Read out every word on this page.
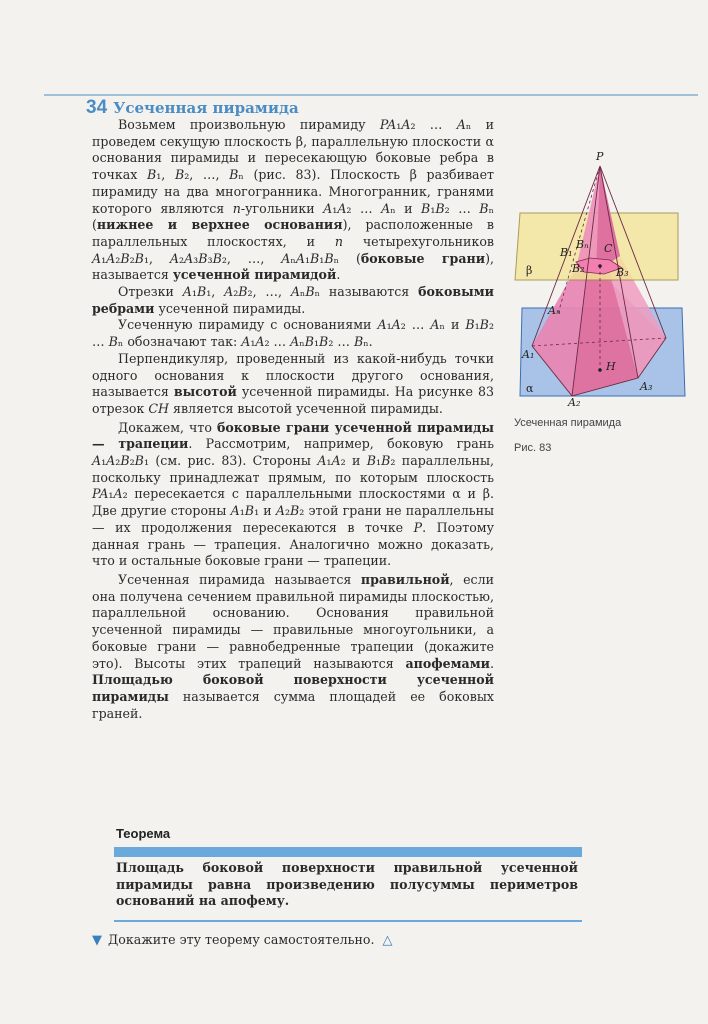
34 Усеченная пирамида

Возьмем произвольную пирамиду PA₁A₂ … Aₙ и проведем секущую плоскость β, параллельную плоскости α основания пирамиды и пересекающую боковые ребра в точках B₁, B₂, …, Bₙ (рис. 83). Плоскость β разбивает пирамиду на два многогранника. Многогранник, гранями которого являются n-угольники A₁A₂ … Aₙ и B₁B₂ … Bₙ (нижнее и верхнее основания), расположенные в параллельных плоскостях, и n четырехугольников A₁A₂B₂B₁, A₂A₃B₃B₂, …, AₙA₁B₁Bₙ (боковые грани), называется усеченной пирамидой.

Отрезки A₁B₁, A₂B₂, …, AₙBₙ называются боковыми ребрами усеченной пирамиды.

Усеченную пирамиду с основаниями A₁A₂ … Aₙ и B₁B₂ … Bₙ обозначают так: A₁A₂ … AₙB₁B₂ … Bₙ.

Перпендикуляр, проведенный из какой-нибудь точки одного основания к плоскости другого основания, называется высотой усеченной пирамиды. На рисунке 83 отрезок CH является высотой усеченной пирамиды.

Докажем, что боковые грани усеченной пирамиды — трапеции. Рассмотрим, например, боковую грань A₁A₂B₂B₁ (см. рис. 83). Стороны A₁A₂ и B₁B₂ параллельны, поскольку принадлежат прямым, по которым плоскость PA₁A₂ пересекается с параллельными плоскостями α и β. Две другие стороны A₁B₁ и A₂B₂ этой грани не параллельны — их продолжения пересекаются в точке P. Поэтому данная грань — трапеция. Аналогично можно доказать, что и остальные боковые грани — трапеции.

Усеченная пирамида называется правильной, если она получена сечением правильной пирамиды плоскостью, параллельной основанию. Основания правильной усеченной пирамиды — правильные многоугольники, а боковые грани — равнобедренные трапеции (докажите это). Высоты этих трапеций называются апофемами. Площадью боковой поверхности усеченной пирамиды называется сумма площадей ее боковых граней.

P
β
α
B₁
B₂
Bₙ C
B₃
Aₙ
A₁
H
A₂
A₃
Усеченная пирамида
Рис. 83
Теорема
Площадь боковой поверхности правильной усеченной пирамиды равна произведению полусуммы периметров оснований на апофему.
▼ Докажите эту теорему самостоятельно. △
